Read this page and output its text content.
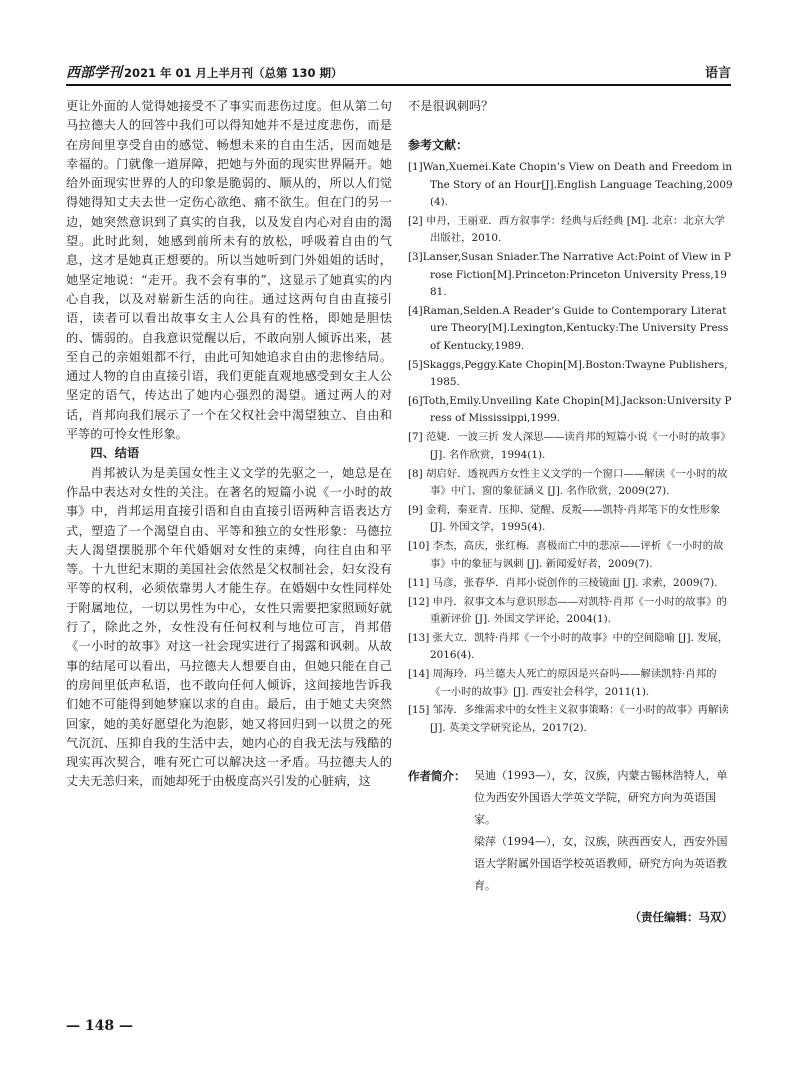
西部学刊 2021 年 01 月上半月刊（总第 130 期）	语言

更让外面的人觉得她接受不了事实而悲伤过度。但从第二句马拉德夫人的回答中我们可以得知她并不是过度悲伤，而是在房间里享受自由的感觉、畅想未来的自由生活，因而她是幸福的。门就像一道屏障，把她与外面的现实世界隔开。她给外面现实世界的人的印象是脆弱的、顺从的，所以人们觉得她得知丈夫去世一定伤心欲绝、痛不欲生。但在门的另一边，她突然意识到了真实的自我，以及发自内心对自由的渴望。此时此刻，她感到前所未有的放松，呼吸着自由的气息，这才是她真正想要的。所以当她听到门外姐姐的话时，她坚定地说：“走开。我不会有事的”，这显示了她真实的内心自我，以及对崭新生活的向往。通过这两句自由直接引语，读者可以看出故事女主人公具有的性格，即她是胆怯的、懦弱的。自我意识觉醒以后，不敢向别人倾诉出来，甚至自己的亲姐姐都不行，由此可知她追求自由的悲惨结局。通过人物的自由直接引语，我们更能直观地感受到女主人公坚定的语气，传达出了她内心强烈的渴望。通过两人的对话，肖邦向我们展示了一个在父权社会中渴望独立、自由和平等的可怜女性形象。

四、结语

肖邦被认为是美国女性主义文学的先驱之一，她总是在作品中表达对女性的关注。在著名的短篇小说《一小时的故事》中，肖邦运用直接引语和自由直接引语两种言语表达方式，塑造了一个渴望自由、平等和独立的女性形象：马德拉夫人渴望摆脱那个年代婚姻对女性的束缚，向往自由和平等。十九世纪末期的美国社会依然是父权制社会，妇女没有平等的权利，必须依靠男人才能生存。在婚姻中女性同样处于附属地位，一切以男性为中心，女性只需要把家照顾好就行了，除此之外，女性没有任何权利与地位可言，肖邦借《一小时的故事》对这一社会现实进行了揭露和讽刺。从故事的结尾可以看出，马拉德夫人想要自由，但她只能在自己的房间里低声私语，也不敢向任何人倾诉，这间接地告诉我们她不可能得到她梦寐以求的自由。最后，由于她丈夫突然回家，她的美好愿望化为泡影，她又将回归到一以贯之的死气沉沉、压抑自我的生活中去，她内心的自我无法与残酷的现实再次契合，唯有死亡可以解决这一矛盾。马拉德夫人的丈夫无恙归来，而她却死于由极度高兴引发的心脏病，这

不是很讽刺吗？

参考文献：

[1]Wan,Xuemei.Kate Chopin’s View on Death and Freedom in The Story of an Hour[J].English Language Teaching,2009(4).

[2] 申丹，王丽亚．西方叙事学：经典与后经典 [M]. 北京：北京大学出版社，2010.

[3]Lanser,Susan Sniader.The Narrative Act:Point of View in Prose Fiction[M].Princeton:Princeton University Press,1981.

[4]Raman,Selden.A Reader’s Guide to Contemporary Literature Theory[M].Lexington,Kentucky:The University Press of Kentucky,1989.

[5]Skaggs,Peggy.Kate Chopin[M].Boston:Twayne Publishers, 1985.

[6]Toth,Emily.Unveiling Kate Chopin[M].Jackson:University Press of Mississippi,1999.

[7] 范婕．一波三折 发人深思——读肖邦的短篇小说《一小时的故事》[J]. 名作欣赏，1994(1).

[8] 胡启好．透视西方女性主义文学的一个窗口——解读《一小时的故事》中门、窗的象征涵义 [J]. 名作欣赏，2009(27).

[9] 金莉，秦亚青．压抑、觉醒、反叛——凯特·肖邦笔下的女性形象 [J]. 外国文学，1995(4).

[10] 李杰，高庆，张红梅．喜极而亡中的悲凉——评析《一小时的故事》中的象征与讽刺 [J]. 新闻爱好者，2009(7).

[11] 马彦，张春华．肖邦小说创作的三棱镜面 [J]. 求索，2009(7).

[12] 申丹．叙事文本与意识形态——对凯特·肖邦《一小时的故事》的重新评价 [J]. 外国文学评论，2004(1).

[13] 张大立．凯特·肖邦《一个小时的故事》中的空间隐喻 [J]. 发展，2016(4).

[14] 周海玲．玛兰德夫人死亡的原因是兴奋吗——解读凯特·肖邦的《一小时的故事》[J]. 西安社会科学，2011(1).

[15] 邹涛．多维需求中的女性主义叙事策略：《一小时的故事》再解读 [J]. 英美文学研究论丛，2017(2).

作者简介： 吴迪（1993—），女，汉族，内蒙古锡林浩特人，单位为西安外国语大学英文学院，研究方向为英语国家。

梁萍（1994—），女，汉族，陕西西安人，西安外国语大学附属外国语学校英语教师，研究方向为英语教育。

（责任编辑：马双）
— 148 —
